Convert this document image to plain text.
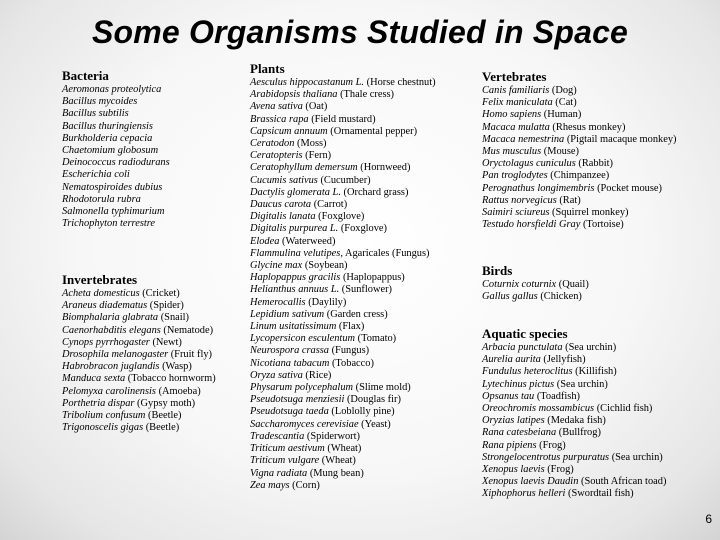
Some Organisms Studied in Space
Bacteria
Aeromonas proteolytica
Bacillus mycoides
Bacillus subtilis
Bacillus thuringiensis
Burkholderia cepacia
Chaetomium globosum
Deinococcus radiodurans
Escherichia coli
Nematospiroides dubius
Rhodotorula rubra
Salmonella typhimurium
Trichophyton terrestre
Invertebrates
Acheta domesticus (Cricket)
Araneus diadematus (Spider)
Biomphalaria glabrata (Snail)
Caenorhabditis elegans (Nematode)
Cynops pyrrhogaster (Newt)
Drosophila melanogaster (Fruit fly)
Habrobracon juglandis (Wasp)
Manduca sexta (Tobacco hornworm)
Pelomyxa carolinensis (Amoeba)
Porthetria dispar (Gypsy moth)
Tribolium confusum (Beetle)
Trigonoscelis gigas (Beetle)
Plants
Aesculus hippocastanum L. (Horse chestnut)
Arabidopsis thaliana (Thale cress)
Avena sativa (Oat)
Brassica rapa (Field mustard)
Capsicum annuum (Ornamental pepper)
Ceratodon (Moss)
Ceratopteris (Fern)
Ceratophyllum demersum (Hornweed)
Cucumis sativus (Cucumber)
Dactylis glomerata L. (Orchard grass)
Daucus carota (Carrot)
Digitalis lanata (Foxglove)
Digitalis purpurea L. (Foxglove)
Elodea (Waterweed)
Flammulina velutipes, Agaricales (Fungus)
Glycine max (Soybean)
Haplopappus gracilis (Haplopappus)
Helianthus annuus L. (Sunflower)
Hemerocallis (Daylily)
Lepidium sativum (Garden cress)
Linum usitatissimum (Flax)
Lycopersicon esculentum (Tomato)
Neurospora crassa (Fungus)
Nicotiana tabacum (Tobacco)
Oryza sativa (Rice)
Physarum polycephalum (Slime mold)
Pseudotsuga menziesii (Douglas fir)
Pseudotsuga taeda (Loblolly pine)
Saccharomyces cerevisiae (Yeast)
Tradescantia (Spiderwort)
Triticum aestivum (Wheat)
Triticum vulgare (Wheat)
Vigna radiata (Mung bean)
Zea mays (Corn)
Vertebrates
Canis familiaris (Dog)
Felix maniculata (Cat)
Homo sapiens (Human)
Macaca mulatta (Rhesus monkey)
Macaca nemestrina (Pigtail macaque monkey)
Mus musculus (Mouse)
Oryctolagus cuniculus (Rabbit)
Pan troglodytes (Chimpanzee)
Perognathus longimembris (Pocket mouse)
Rattus norvegicus (Rat)
Saimiri sciureus (Squirrel monkey)
Testudo horsfieldi Gray (Tortoise)
Birds
Coturnix coturnix (Quail)
Gallus gallus (Chicken)
Aquatic species
Arbacia punctulata (Sea urchin)
Aurelia aurita (Jellyfish)
Fundulus heteroclitus (Killifish)
Lytechinus pictus (Sea urchin)
Opsanus tau (Toadfish)
Oreochromis mossambicus (Cichlid fish)
Oryzias latipes (Medaka fish)
Rana catesbeiana (Bullfrog)
Rana pipiens (Frog)
Strongelocentrotus purpuratus (Sea urchin)
Xenopus laevis (Frog)
Xenopus laevis Daudin (South African toad)
Xiphophorus helleri (Swordtail fish)
6
